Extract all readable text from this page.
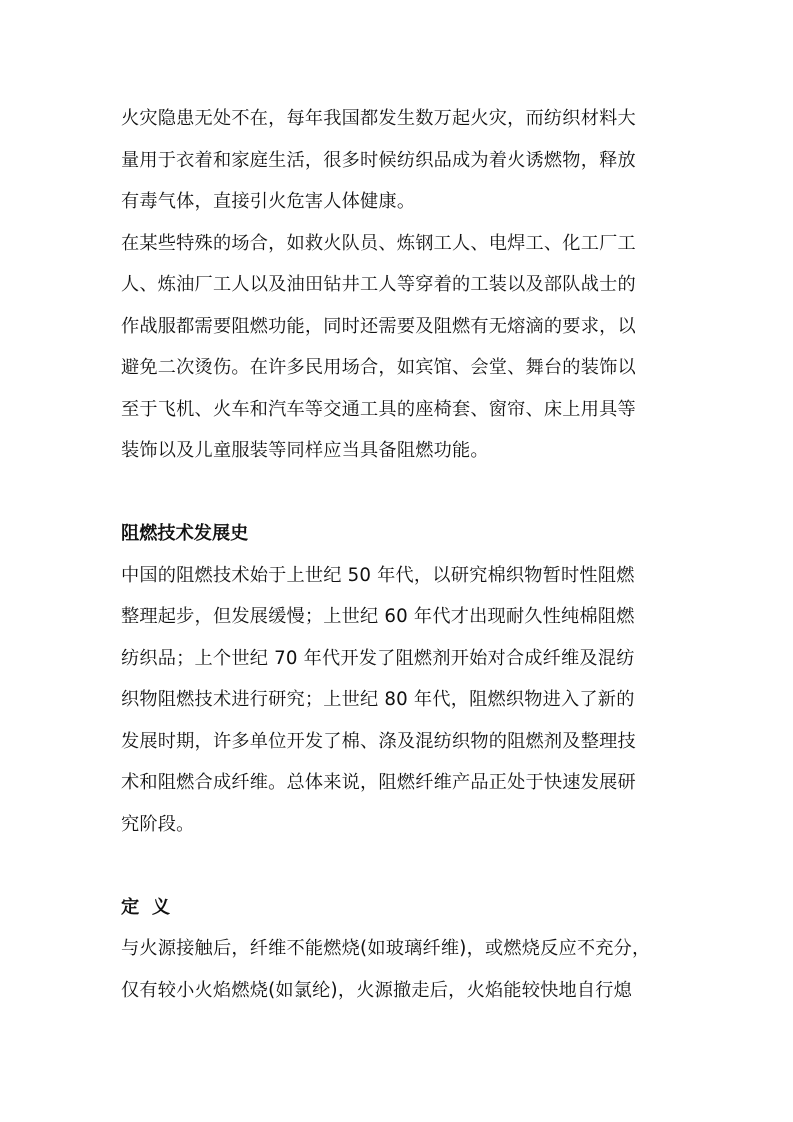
火灾隐患无处不在，每年我国都发生数万起火灾，而纺织材料大
量用于衣着和家庭生活，很多时候纺织品成为着火诱燃物，释放
有毒气体，直接引火危害人体健康。
在某些特殊的场合，如救火队员、炼钢工人、电焊工、化工厂工
人、炼油厂工人以及油田钻井工人等穿着的工装以及部队战士的
作战服都需要阻燃功能，同时还需要及阻燃有无熔滴的要求，以
避免二次烫伤。在许多民用场合，如宾馆、会堂、舞台的装饰以
至于飞机、火车和汽车等交通工具的座椅套、窗帘、床上用具等
装饰以及儿童服装等同样应当具备阻燃功能。
阻燃技术发展史
中国的阻燃技术始于上世纪 50 年代，以研究棉织物暂时性阻燃
整理起步，但发展缓慢；上世纪 60 年代才出现耐久性纯棉阻燃
纺织品；上个世纪 70 年代开发了阻燃剂开始对合成纤维及混纺
织物阻燃技术进行研究；上世纪 80 年代，阻燃织物进入了新的
发展时期，许多单位开发了棉、涤及混纺织物的阻燃剂及整理技
术和阻燃合成纤维。总体来说，阻燃纤维产品正处于快速发展研
究阶段。
定  义
与火源接触后，纤维不能燃烧(如玻璃纤维)，或燃烧反应不充分，
仅有较小火焰燃烧(如氯纶)，火源撤走后，火焰能较快地自行熄
